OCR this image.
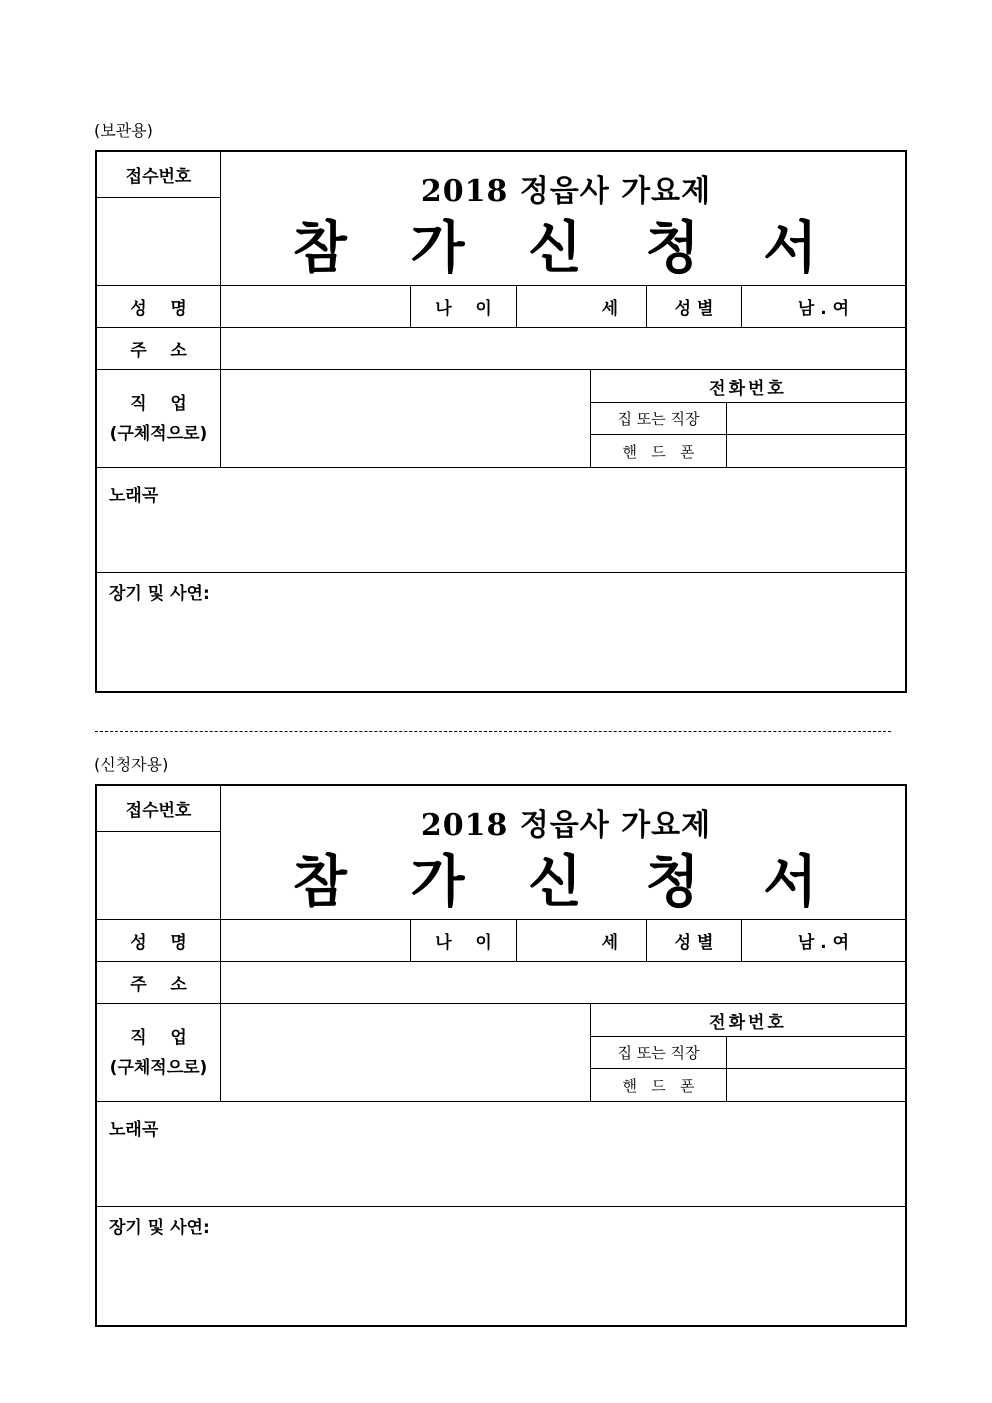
(보관용)
접수번호	2018 정읍사 가요제
참 가 신 청 서
성    명	나    이	세	성 별	남 . 여
주    소
직    업
(구체적으로)
전화번호
집 또는 직장
핸   드   폰
노래곡
장기 및 사연:
(신청자용)
접수번호	2018 정읍사 가요제
참 가 신 청 서
성    명	나    이	세	성 별	남 . 여
주    소
직    업
(구체적으로)
전화번호
집 또는 직장
핸   드   폰
노래곡
장기 및 사연:
